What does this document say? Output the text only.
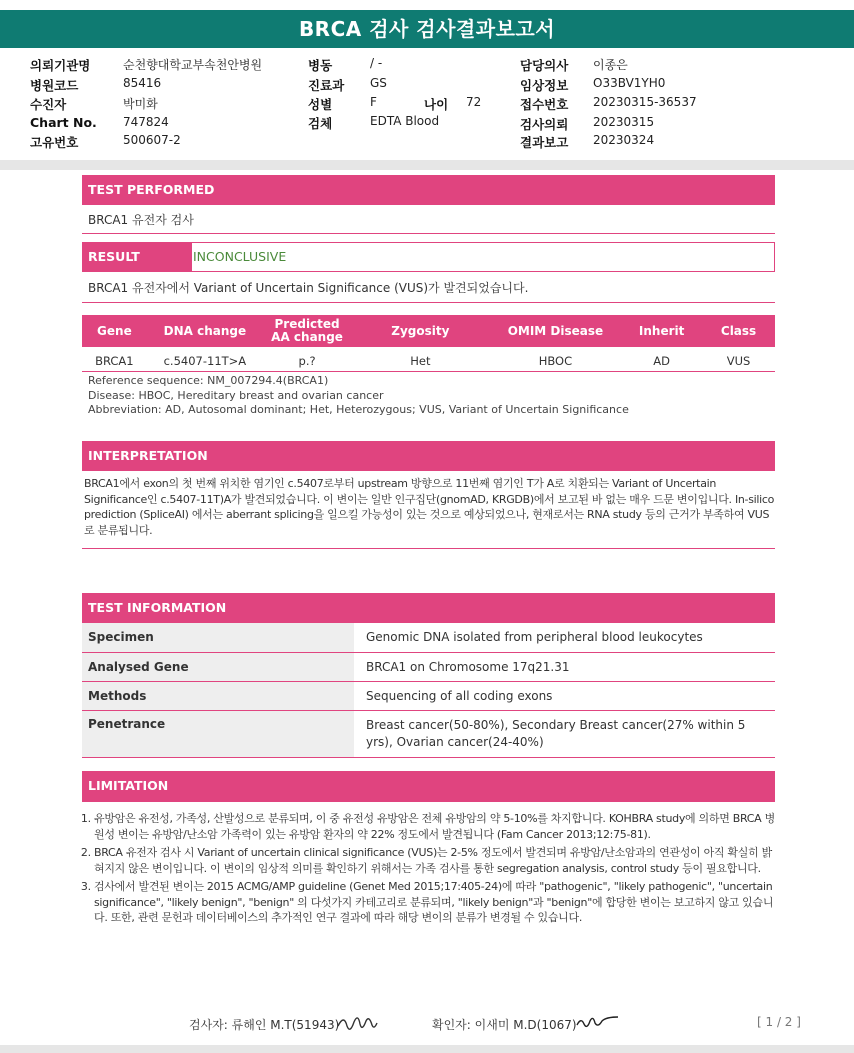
BRCA 검사 검사결과보고서
의뢰기관명	순천향대학교부속천안병원
병원코드	85416
수진자	박미화
Chart No. 747824
고유번호	500607-2
병동	/ -
진료과 GS
성별	F	나이 72
검체	EDTA Blood
담당의사 이종은
임상정보 O33BV1YH0
접수번호 20230315-36537
검사의뢰 20230315
결과보고 20230324
TEST PERFORMED
BRCA1 유전자 검사
RESULT	INCONCLUSIVE
BRCA1 유전자에서 Variant of Uncertain Significance (VUS)가 발견되었습니다.
Gene	DNA change	Predicted AA change	Zygosity	OMIM Disease	Inherit	Class
BRCA1	c.5407-11T>A	p.?	Het	HBOC	AD	VUS
Reference sequence: NM_007294.4(BRCA1)
Disease: HBOC, Hereditary breast and ovarian cancer
Abbreviation: AD, Autosomal dominant; Het, Heterozygous; VUS, Variant of Uncertain Significance
INTERPRETATION
BRCA1에서 exon의 첫 번째 위치한 염기인 c.5407로부터 upstream 방향으로 11번째 염기인 T가 A로 치환되는 Variant of Uncertain Significance인 c.5407-11T)A가 발견되었습니다. 이 변이는 일반 인구집단(gnomAD, KRGDB)에서 보고된 바 없는 매우 드문 변이입니다. In-silico prediction (SpliceAI) 에서는 aberrant splicing을 일으킬 가능성이 있는 것으로 예상되었으나, 현재로서는 RNA study 등의 근거가 부족하여 VUS로 분류됩니다.
TEST INFORMATION
Specimen	Genomic DNA isolated from peripheral blood leukocytes
Analysed Gene	BRCA1 on Chromosome 17q21.31
Methods	Sequencing of all coding exons
Penetrance	Breast cancer(50-80%), Secondary Breast cancer(27% within 5 yrs), Ovarian cancer(24-40%)
LIMITATION
1. 유방암은 유전성, 가족성, 산발성으로 분류되며, 이 중 유전성 유방암은 전체 유방암의 약 5-10%를 차지합니다. KOHBRA study에 의하면 BRCA 병원성 변이는 유방암/난소암 가족력이 있는 유방암 환자의 약 22% 정도에서 발견됩니다 (Fam Cancer 2013;12:75-81).
2. BRCA 유전자 검사 시 Variant of uncertain clinical significance (VUS)는 2-5% 정도에서 발견되며 유방암/난소암과의 연관성이 아직 확실히 밝혀지지 않은 변이입니다. 이 변이의 임상적 의미를 확인하기 위해서는 가족 검사를 통한 segregation analysis, control study 등이 필요합니다.
3. 검사에서 발견된 변이는 2015 ACMG/AMP guideline (Genet Med 2015;17:405-24)에 따라 "pathogenic", "likely pathogenic", "uncertain significance", "likely benign", "benign" 의 다섯가지 카테고리로 분류되며, "likely benign"과 "benign"에 합당한 변이는 보고하지 않고 있습니다. 또한, 관련 문헌과 데이터베이스의 추가적인 연구 결과에 따라 해당 변이의 분류가 변경될 수 있습니다.
검사자: 류해인 M.T(51943)	확인자: 이새미 M.D(1067)	[ 1 / 2 ]
